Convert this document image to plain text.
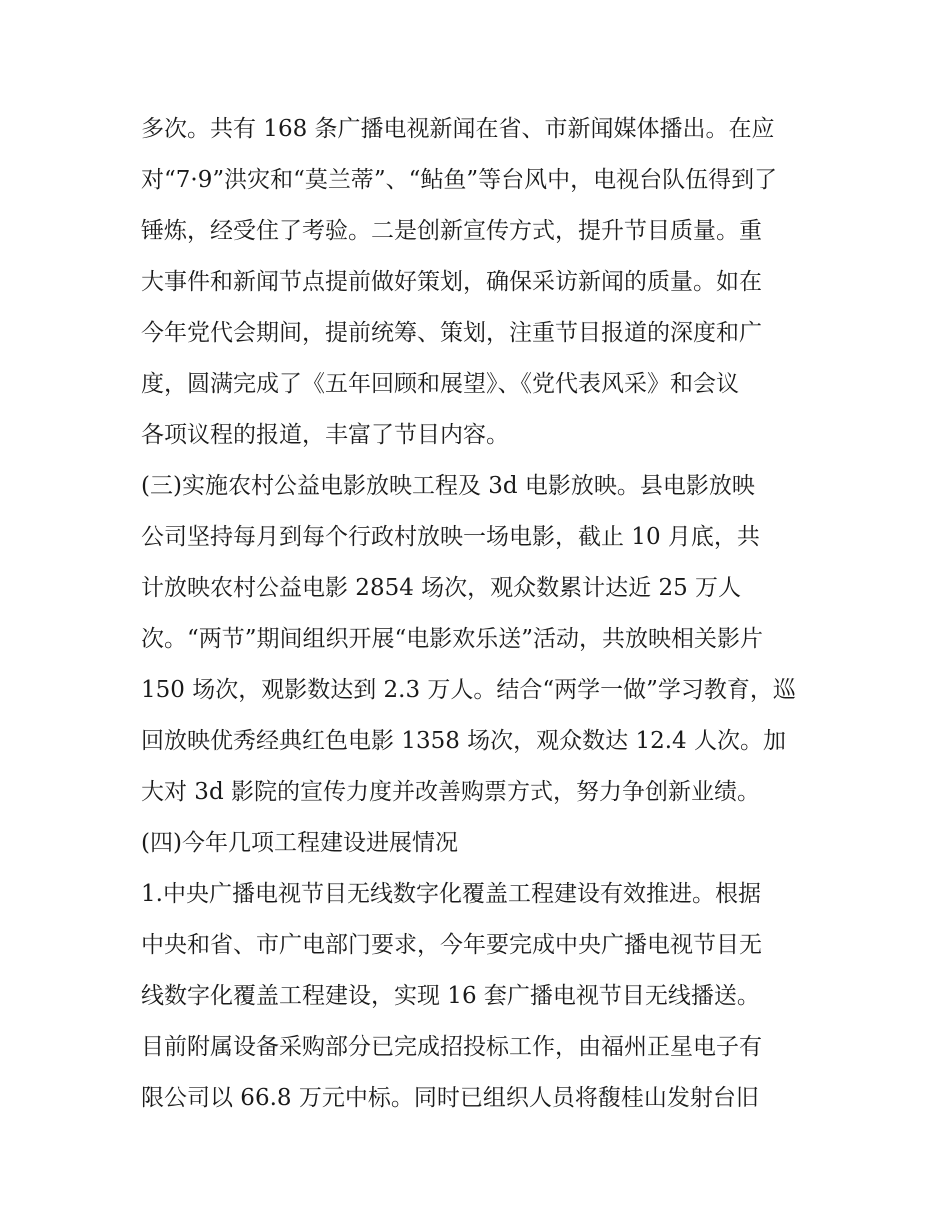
多次。共有 168 条广播电视新闻在省、市新闻媒体播出。在应
对“7·9”洪灾和“莫兰蒂”、“鲇鱼”等台风中，电视台队伍得到了
锤炼，经受住了考验。二是创新宣传方式，提升节目质量。重
大事件和新闻节点提前做好策划，确保采访新闻的质量。如在
今年党代会期间，提前统筹、策划，注重节目报道的深度和广
度，圆满完成了《五年回顾和展望》、《党代表风采》和会议
各项议程的报道，丰富了节目内容。
(三)实施农村公益电影放映工程及 3d 电影放映。县电影放映
公司坚持每月到每个行政村放映一场电影，截止 10 月底，共
计放映农村公益电影 2854 场次，观众数累计达近 25 万人
次。“两节”期间组织开展“电影欢乐送”活动，共放映相关影片
150 场次，观影数达到 2.3 万人。结合“两学一做”学习教育，巡
回放映优秀经典红色电影 1358 场次，观众数达 12.4 人次。加
大对 3d 影院的宣传力度并改善购票方式，努力争创新业绩。
(四)今年几项工程建设进展情况
1.中央广播电视节目无线数字化覆盖工程建设有效推进。根据
中央和省、市广电部门要求，今年要完成中央广播电视节目无
线数字化覆盖工程建设，实现 16 套广播电视节目无线播送。
目前附属设备采购部分已完成招投标工作，由福州正星电子有
限公司以 66.8 万元中标。同时已组织人员将馥桂山发射台旧
